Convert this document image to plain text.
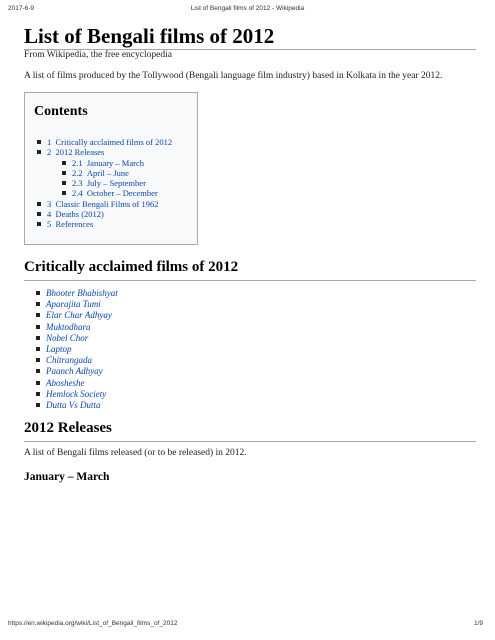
2017-6-9	List of Bengali films of 2012 - Wikipedia
List of Bengali films of 2012
From Wikipedia, the free encyclopedia
A list of films produced by the Tollywood (Bengali language film industry) based in Kolkata in the year 2012.
Contents
1 Critically acclaimed films of 2012
2 2012 Releases
2.1 January – March
2.2 April – June
2.3 July – September
2.4 October – December
3 Classic Bengali Films of 1962
4 Deaths (2012)
5 References
Critically acclaimed films of 2012
Bhooter Bhabishyat
Aparajita Tumi
Elar Char Adhyay
Muktodhara
Nobel Chor
Laptop
Chitrangada
Paanch Adhyay
Abosheshe
Hemlock Society
Dutta Vs Dutta
2012 Releases
A list of Bengali films released (or to be released) in 2012.
January – March
https://en.wikipedia.org/wiki/List_of_Bengali_films_of_2012	1/9
